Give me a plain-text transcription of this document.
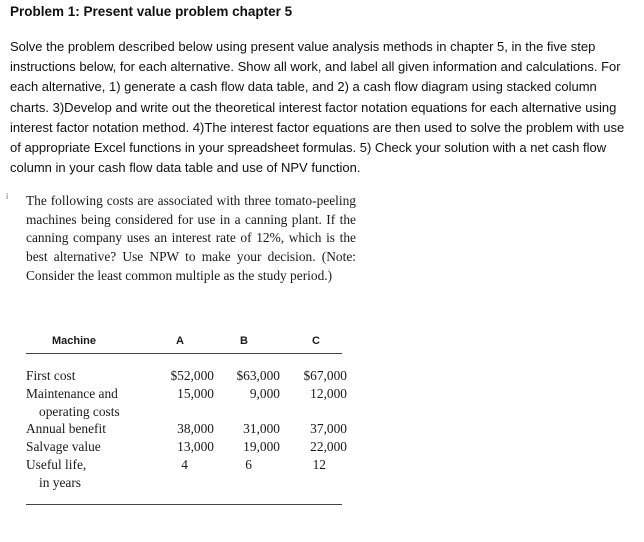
Problem 1: Present value problem chapter 5
Solve the problem described below using present value analysis methods in chapter 5, in the five step instructions below, for each alternative. Show all work, and label all given information and calculations. For each alternative, 1) generate a cash flow data table, and 2) a cash flow diagram using stacked column charts. 3)Develop and write out the theoretical interest factor notation equations for each alternative using interest factor notation method. 4)The interest factor equations are then used to solve the problem with use of appropriate Excel functions in your spreadsheet formulas. 5) Check your solution with a net cash flow column in your cash flow data table and use of NPV function.
i The following costs are associated with three tomato-peeling machines being considered for use in a canning plant. If the canning company uses an interest rate of 12%, which is the best alternative? Use NPW to make your decision. (Note: Consider the least common multiple as the study period.)
Machine	A	B	C
First cost	$52,000 $63,000 $67,000
Maintenance and	15,000	9,000 12,000
operating costs
Annual benefit	38,000 31,000 37,000
Salvage value	13,000 19,000 22,000
Useful life,	4	6	12
in years
